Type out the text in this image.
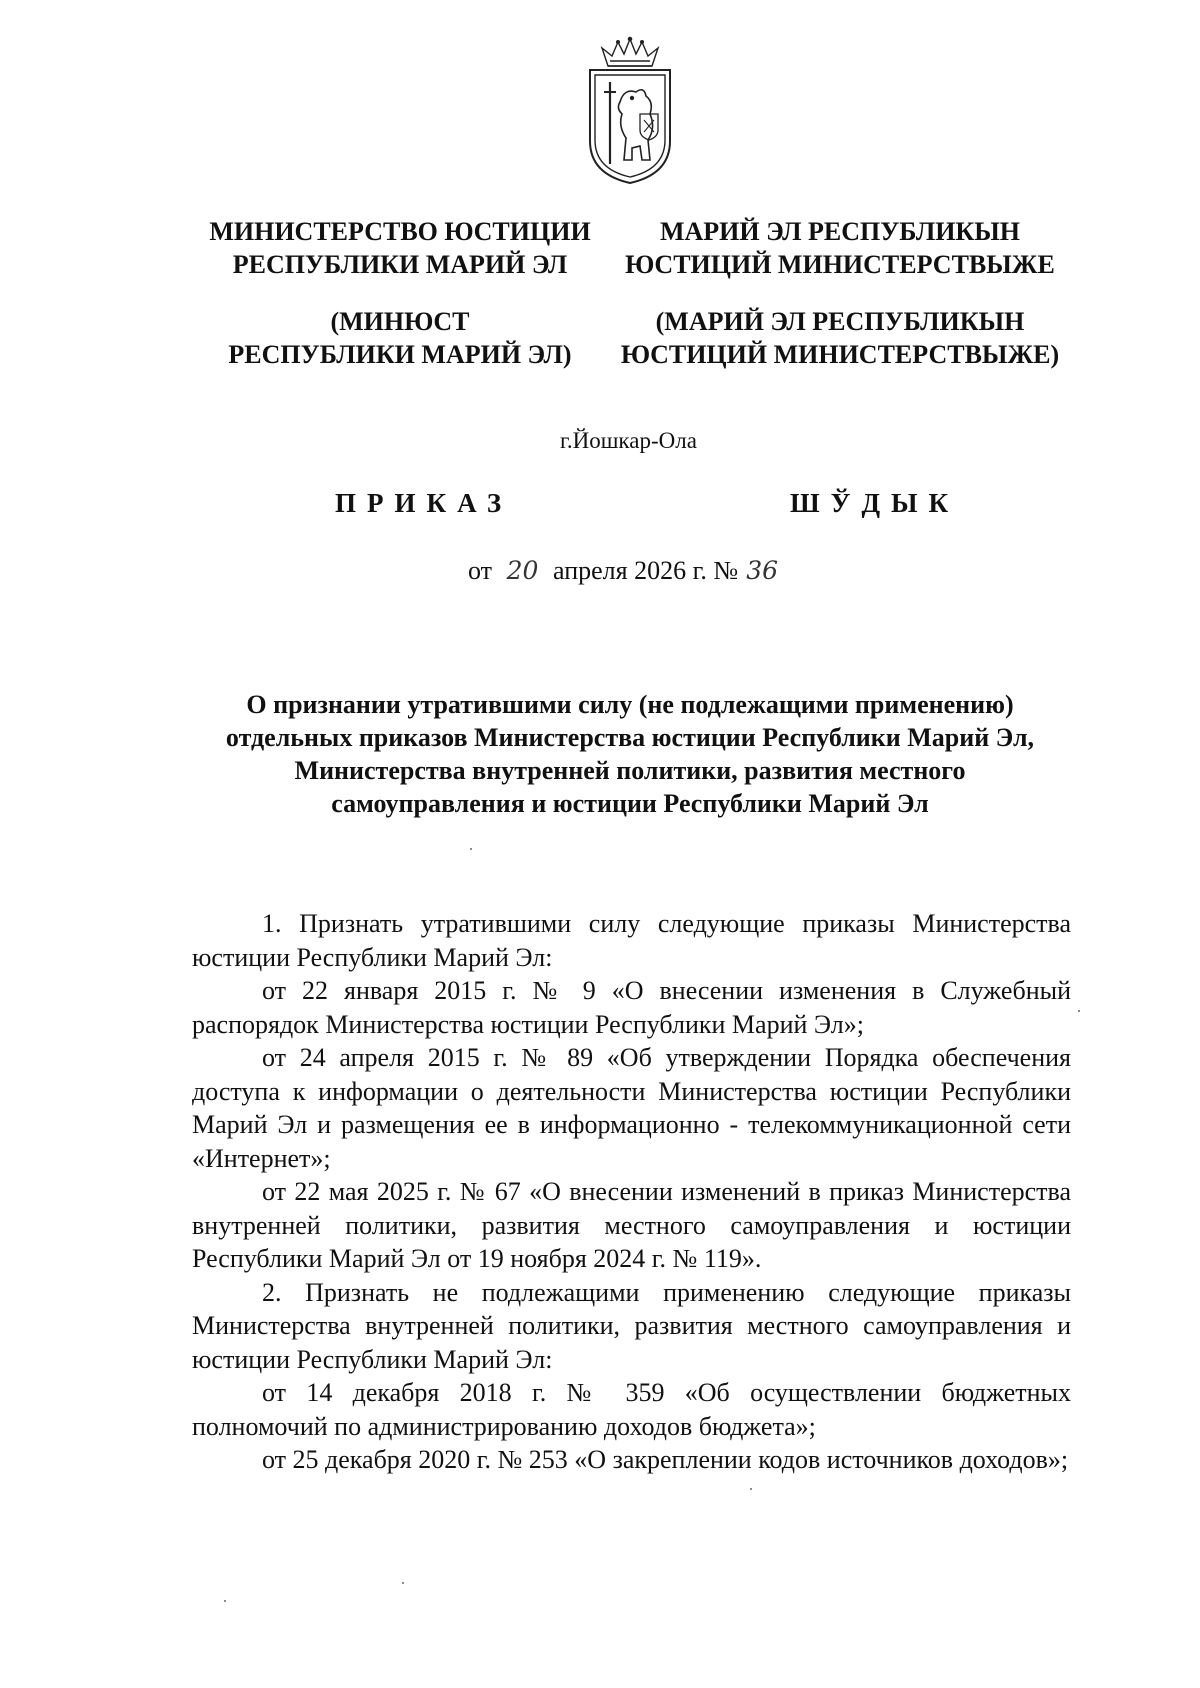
МИНИСТЕРСТВО ЮСТИЦИИ
РЕСПУБЛИКИ МАРИЙ ЭЛ
МАРИЙ ЭЛ РЕСПУБЛИКЫН
ЮСТИЦИЙ МИНИСТЕРСТВЫЖЕ
(МИНЮСТ
РЕСПУБЛИКИ МАРИЙ ЭЛ)
(МАРИЙ ЭЛ РЕСПУБЛИКЫН
ЮСТИЦИЙ МИНИСТЕРСТВЫЖЕ)
г.Йошкар-Ола
ПРИКАЗ	ШЎДЫК
от 20 апреля 2026 г. № 36
О признании утратившими силу (не подлежащими применению)
отдельных приказов Министерства юстиции Республики Марий Эл,
Министерства внутренней политики, развития местного
самоуправления и юстиции Республики Марий Эл

1. Признать утратившими силу следующие приказы Министерства юстиции Республики Марий Эл:

от 22 января 2015 г. № 9 «О внесении изменения в Служебный распорядок Министерства юстиции Республики Марий Эл»;

от 24 апреля 2015 г. № 89 «Об утверждении Порядка обеспечения доступа к информации о деятельности Министерства юстиции Республики Марий Эл и размещения ее в информационно - телекоммуникационной сети «Интернет»;

от 22 мая 2025 г. № 67 «О внесении изменений в приказ Министерства внутренней политики, развития местного самоуправления и юстиции Республики Марий Эл от 19 ноября 2024 г. № 119».

2. Признать не подлежащими применению следующие приказы Министерства внутренней политики, развития местного самоуправления и юстиции Республики Марий Эл:

от 14 декабря 2018 г. № 359 «Об осуществлении бюджетных полномочий по администрированию доходов бюджета»;

от 25 декабря 2020 г. № 253 «О закреплении кодов источников доходов»;
